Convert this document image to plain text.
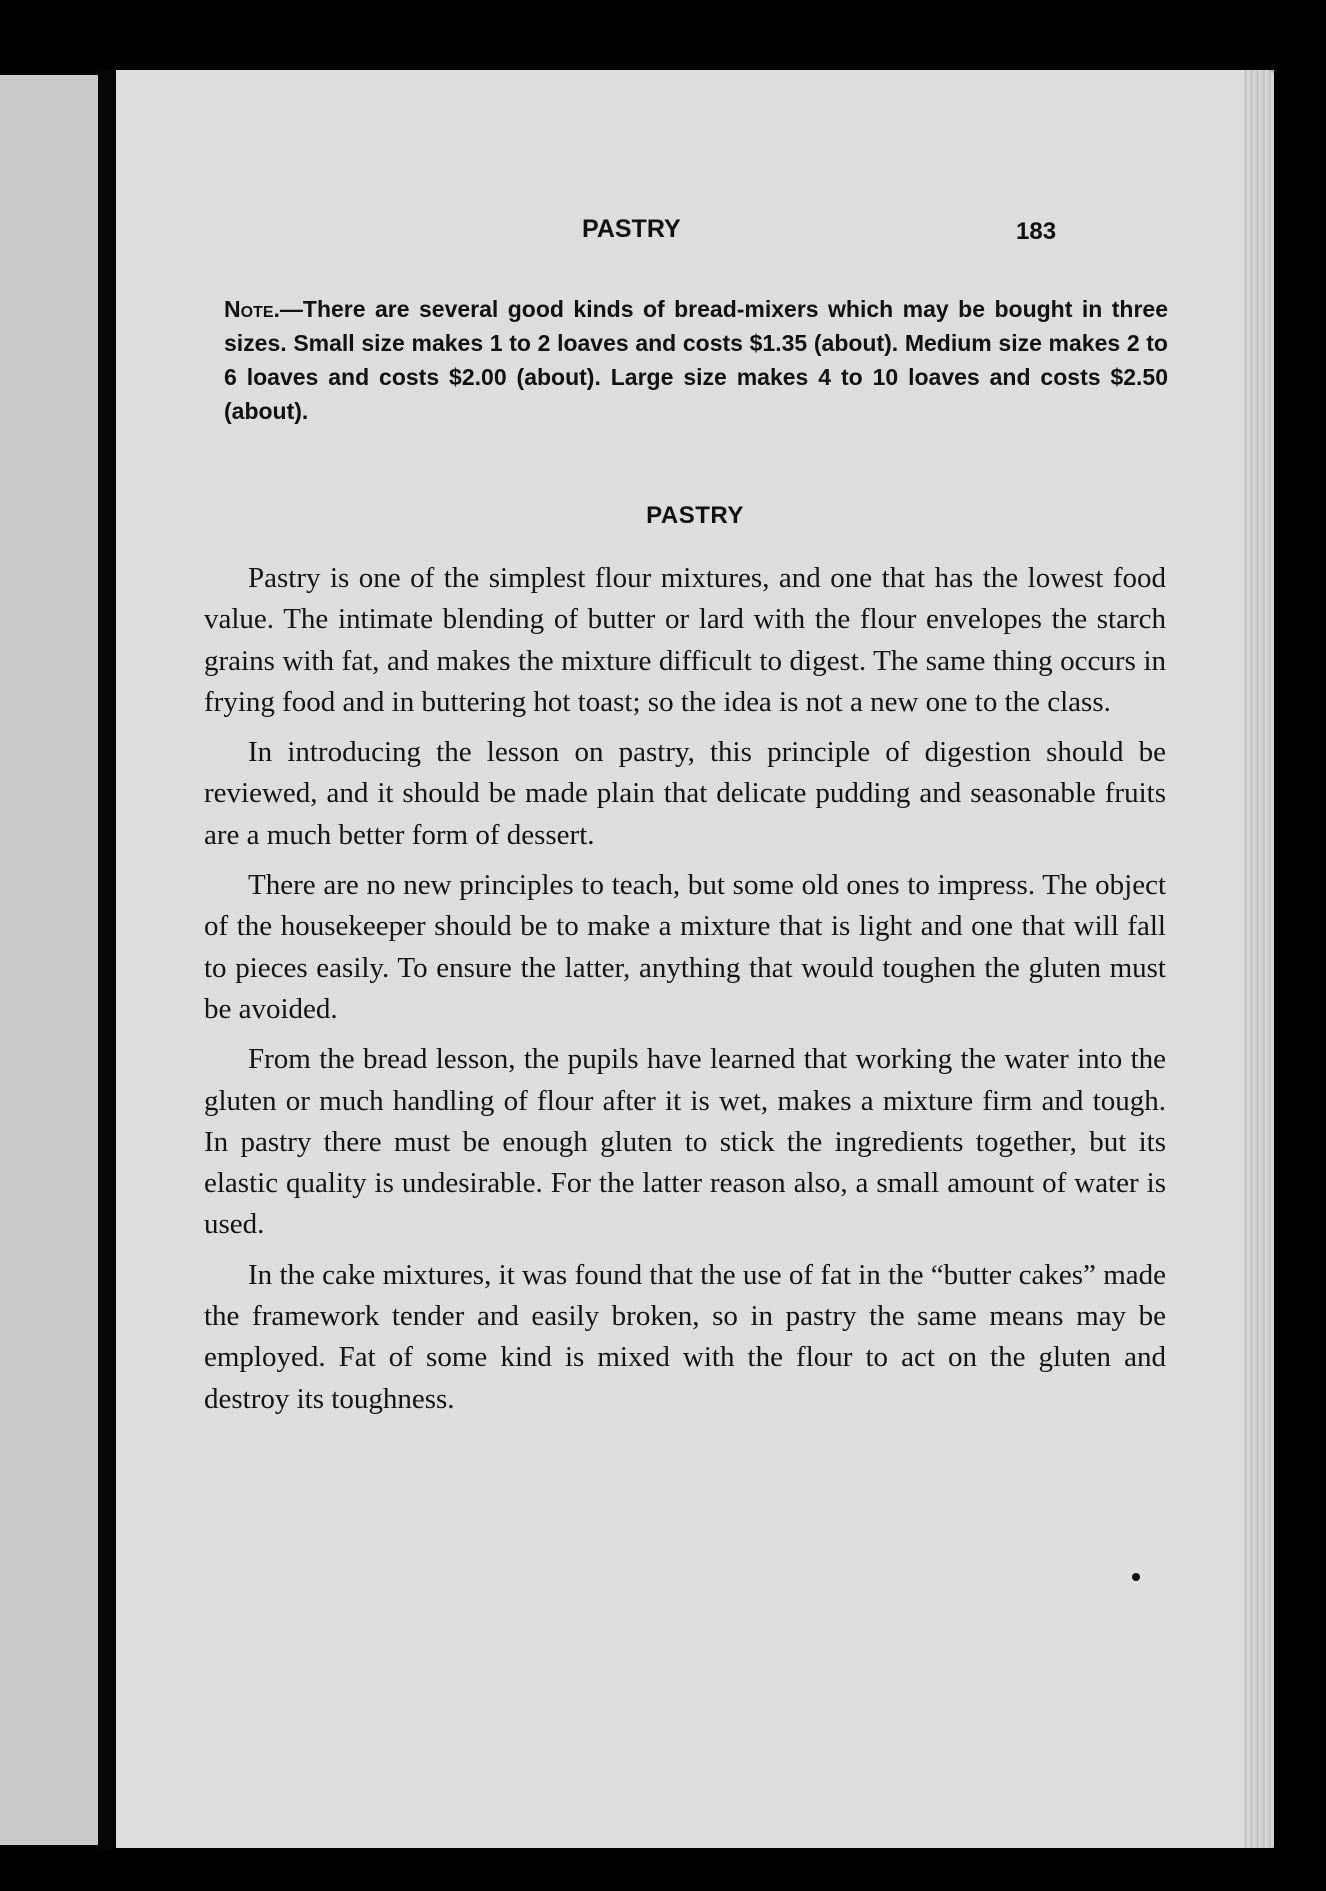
PASTRY	183
Note.—There are several good kinds of bread-mixers which may be bought in three sizes. Small size makes 1 to 2 loaves and costs $1.35 (about). Medium size makes 2 to 6 loaves and costs $2.00 (about). Large size makes 4 to 10 loaves and costs $2.50 (about).
PASTRY

Pastry is one of the simplest flour mixtures, and one that has the lowest food value. The intimate blending of butter or lard with the flour envelopes the starch grains with fat, and makes the mixture difficult to digest. The same thing occurs in frying food and in buttering hot toast; so the idea is not a new one to the class.

In introducing the lesson on pastry, this principle of digestion should be reviewed, and it should be made plain that delicate pudding and seasonable fruits are a much better form of dessert.

There are no new principles to teach, but some old ones to impress. The object of the housekeeper should be to make a mixture that is light and one that will fall to pieces easily. To ensure the latter, anything that would toughen the gluten must be avoided.

From the bread lesson, the pupils have learned that working the water into the gluten or much handling of flour after it is wet, makes a mixture firm and tough. In pastry there must be enough gluten to stick the ingredients together, but its elastic quality is undesirable. For the latter reason also, a small amount of water is used.

In the cake mixtures, it was found that the use of fat in the “butter cakes” made the framework tender and easily broken, so in pastry the same means may be employed. Fat of some kind is mixed with the flour to act on the gluten and destroy its toughness.
